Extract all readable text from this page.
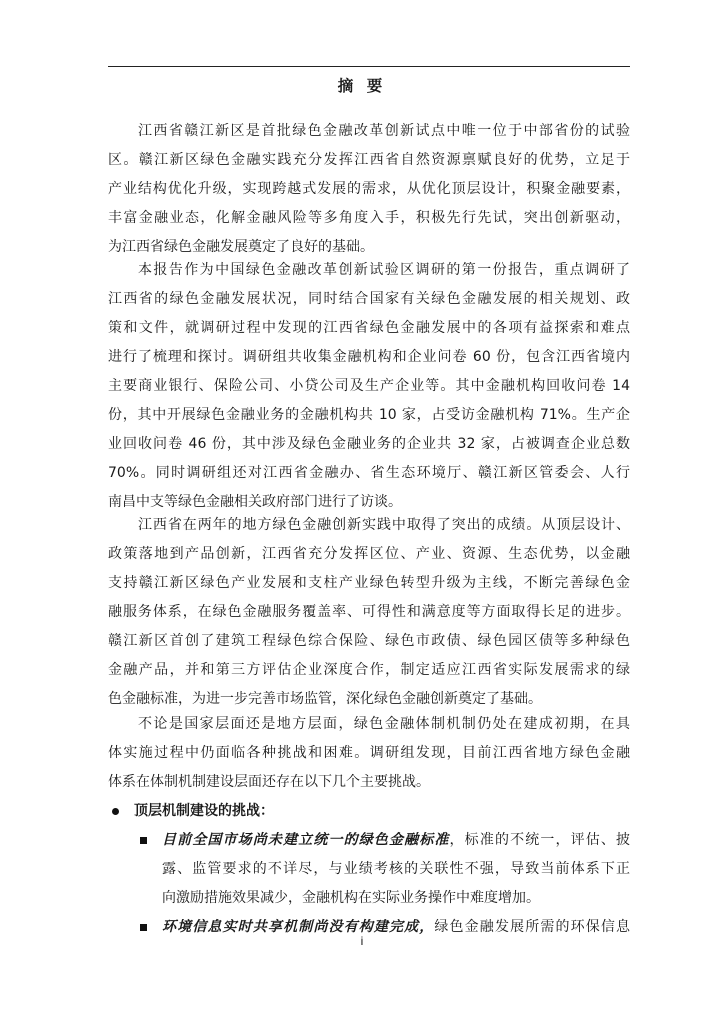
摘 要
江西省赣江新区是首批绿色金融改革创新试点中唯一位于中部省份的试验
区。赣江新区绿色金融实践充分发挥江西省自然资源禀赋良好的优势，立足于
产业结构优化升级，实现跨越式发展的需求，从优化顶层设计，积聚金融要素，
丰富金融业态，化解金融风险等多角度入手，积极先行先试，突出创新驱动，
为江西省绿色金融发展奠定了良好的基础。
本报告作为中国绿色金融改革创新试验区调研的第一份报告，重点调研了
江西省的绿色金融发展状况，同时结合国家有关绿色金融发展的相关规划、政
策和文件，就调研过程中发现的江西省绿色金融发展中的各项有益探索和难点
进行了梳理和探讨。调研组共收集金融机构和企业问卷 60 份，包含江西省境内
主要商业银行、保险公司、小贷公司及生产企业等。其中金融机构回收问卷 14
份，其中开展绿色金融业务的金融机构共 10 家，占受访金融机构 71%。生产企
业回收问卷 46 份，其中涉及绿色金融业务的企业共 32 家，占被调查企业总数
70%。同时调研组还对江西省金融办、省生态环境厅、赣江新区管委会、人行
南昌中支等绿色金融相关政府部门进行了访谈。
江西省在两年的地方绿色金融创新实践中取得了突出的成绩。从顶层设计、
政策落地到产品创新，江西省充分发挥区位、产业、资源、生态优势，以金融
支持赣江新区绿色产业发展和支柱产业绿色转型升级为主线，不断完善绿色金
融服务体系，在绿色金融服务覆盖率、可得性和满意度等方面取得长足的进步。
赣江新区首创了建筑工程绿色综合保险、绿色市政债、绿色园区债等多种绿色
金融产品，并和第三方评估企业深度合作，制定适应江西省实际发展需求的绿
色金融标准，为进一步完善市场监管，深化绿色金融创新奠定了基础。
不论是国家层面还是地方层面，绿色金融体制机制仍处在建成初期，在具
体实施过程中仍面临各种挑战和困难。调研组发现，目前江西省地方绿色金融
体系在体制机制建设层面还存在以下几个主要挑战。
顶层机制建设的挑战：
目前全国市场尚未建立统一的绿色金融标准，标准的不统一，评估、披
露、监管要求的不详尽，与业绩考核的关联性不强，导致当前体系下正
向激励措施效果减少，金融机构在实际业务操作中难度增加。
环境信息实时共享机制尚没有构建完成，绿色金融发展所需的环保信息
i
